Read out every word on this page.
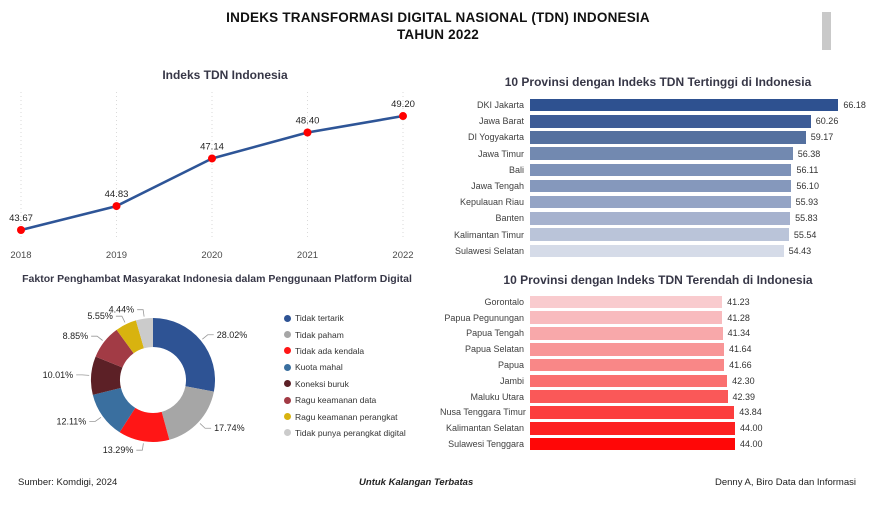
INDEKS TRANSFORMASI DIGITAL NASIONAL (TDN) INDONESIA
TAHUN 2022
Indeks TDN Indonesia
2018	2019	2020	2021	2022
43.67
44.83
47.14
48.40
49.20
10 Provinsi dengan Indeks TDN Tertinggi di Indonesia
DKI Jakarta	66.18
Jawa Barat	60.26
DI Yogyakarta	59.17
Jawa Timur	56.38
Bali	56.11
Jawa Tengah	56.10
Kepulauan Riau	55.93
Banten	55.83
Kalimantan Timur	55.54
Sulawesi Selatan	54.43
Faktor Penghambat Masyarakat Indonesia dalam Penggunaan Platform Digital
28.02%
17.74%
13.29%
12.11%
10.01%
8.85%
5.55%
4.44%
Tidak tertarik
Tidak paham
Tidak ada kendala
Kuota mahal
Koneksi buruk
Ragu keamanan data
Ragu keamanan perangkat
Tidak punya perangkat digital
10 Provinsi dengan Indeks TDN Terendah di Indonesia
Gorontalo	41.23
Papua Pegunungan	41.28
Papua Tengah	41.34
Papua Selatan	41.64
Papua	41.66
Jambi	42.30
Maluku Utara	42.39
Nusa Tenggara Timur	43.84
Kalimantan Selatan	44.00
Sulawesi Tenggara	44.00
Sumber: Komdigi, 2024	Untuk Kalangan Terbatas	Denny A, Biro Data dan Informasi
